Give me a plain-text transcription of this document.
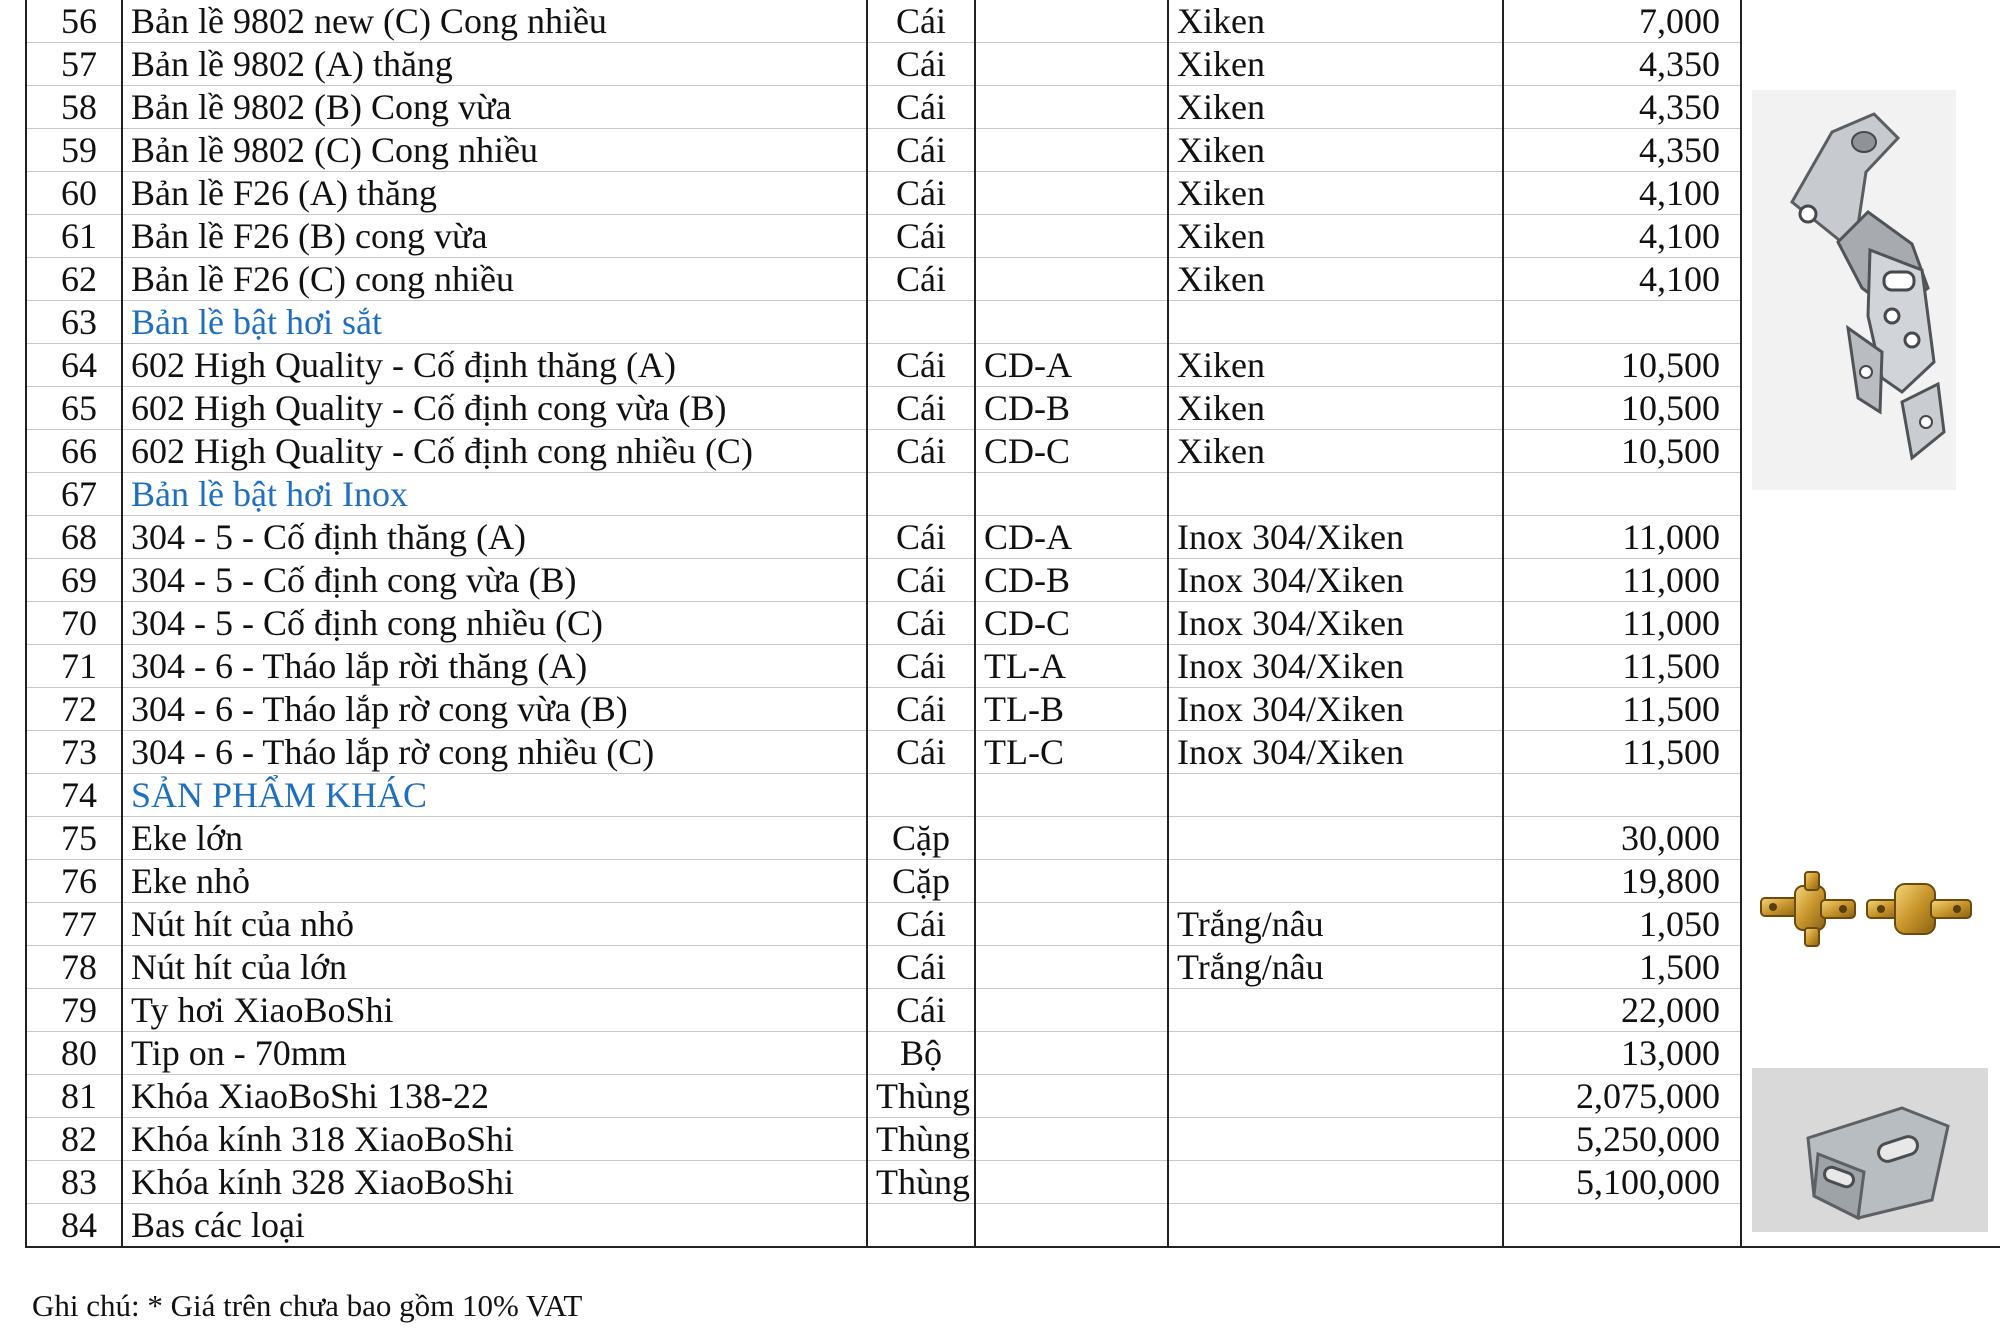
56	Bản lề 9802 new (C) Cong nhiều	Cái		Xiken	7,000	
57	Bản lề 9802 (A) thăng	Cái		Xiken	4,350	
58	Bản lề 9802 (B) Cong vừa	Cái		Xiken	4,350	
59	Bản lề 9802 (C) Cong nhiều	Cái		Xiken	4,350	
60	Bản lề F26 (A) thăng	Cái		Xiken	4,100	
61	Bản lề F26 (B) cong vừa	Cái		Xiken	4,100	
62	Bản lề F26 (C) cong nhiều	Cái		Xiken	4,100	
63	Bản lề bật hơi sắt					
64	602 High Quality - Cố định thăng (A)	Cái	CD-A	Xiken	10,500	
65	602 High Quality - Cố định cong vừa (B)	Cái	CD-B	Xiken	10,500	
66	602 High Quality - Cố định cong nhiều (C)	Cái	CD-C	Xiken	10,500	
67	Bản lề bật hơi Inox					
68	304 - 5 - Cố định thăng (A)	Cái	CD-A	Inox 304/Xiken	11,000	
69	304 - 5 - Cố định cong vừa (B)	Cái	CD-B	Inox 304/Xiken	11,000	
70	304 - 5 - Cố định cong nhiều (C)	Cái	CD-C	Inox 304/Xiken	11,000	
71	304 - 6 - Tháo lắp rời thăng (A)	Cái	TL-A	Inox 304/Xiken	11,500	
72	304 - 6 - Tháo lắp rờ cong vừa (B)	Cái	TL-B	Inox 304/Xiken	11,500	
73	304 - 6 - Tháo lắp rờ cong nhiều (C)	Cái	TL-C	Inox 304/Xiken	11,500	
74	SẢN PHẨM KHÁC					
75	Eke lớn	Cặp			30,000	
76	Eke nhỏ	Cặp			19,800	
77	Nút hít của nhỏ	Cái		Trắng/nâu	1,050	
78	Nút hít của lớn	Cái		Trắng/nâu	1,500	
79	Ty hơi XiaoBoShi	Cái			22,000	
80	Tip on - 70mm	Bộ			13,000	
81	Khóa XiaoBoShi 138-22	Thùng			2,075,000	
82	Khóa kính 318 XiaoBoShi	Thùng			5,250,000	
83	Khóa kính 328 XiaoBoShi	Thùng			5,100,000	
84	Bas các loại					
Ghi chú: * Giá trên chưa bao gồm 10% VAT
